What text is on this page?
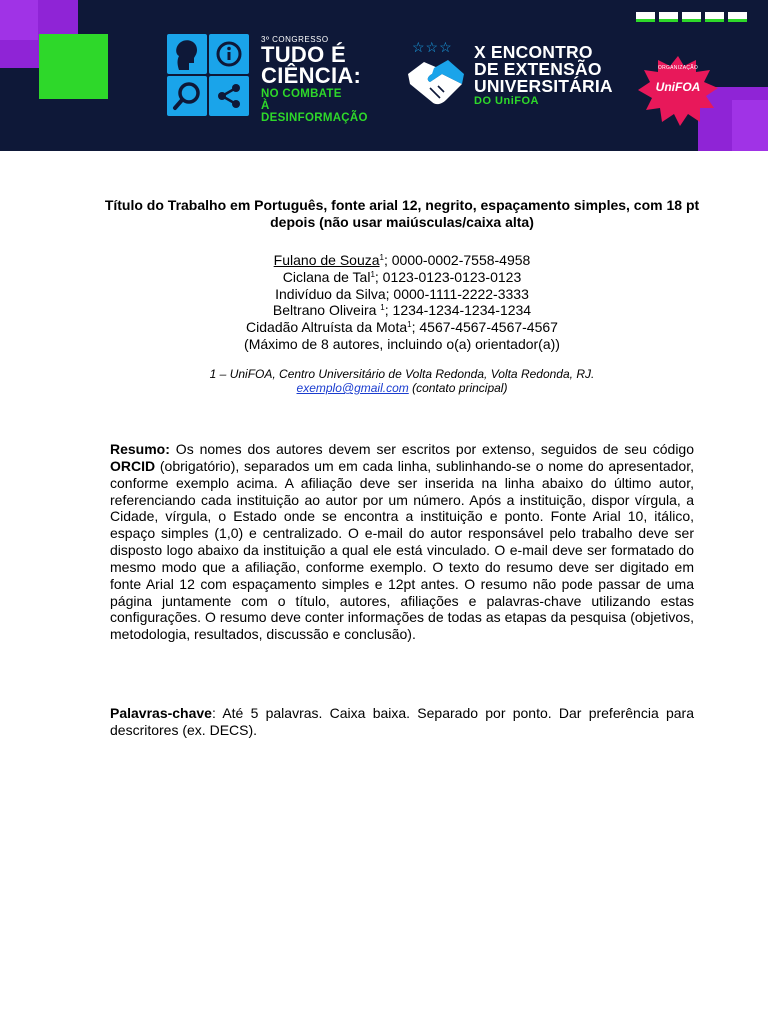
3º CONGRESSO
TUDO É
CIÊNCIA:
NO COMBATE
À DESINFORMAÇÃO
☆☆☆ X ENCONTRO
DE EXTENSÃO
UNIVERSITÁRIA
DO UniFOA
ORGANIZAÇÃO
UniFOA
Título do Trabalho em Português, fonte arial 12, negrito, espaçamento simples, com 18 pt depois (não usar maiúsculas/caixa alta)
Fulano de Souza$^1$; 0000-0002-7558-4958
Ciclana de Tal$^1$; 0123-0123-0123-0123
Indivíduo da Silva; 0000-1111-2222-3333
Beltrano Oliveira $^1$; 1234-1234-1234-1234
Cidadão Altruísta da Mota$^1$; 4567-4567-4567-4567
(Máximo de 8 autores, incluindo o(a) orientador(a))
1 – UniFOA, Centro Universitário de Volta Redonda, Volta Redonda, RJ.
exemplo@gmail.com (contato principal)
Resumo: Os nomes dos autores devem ser escritos por extenso, seguidos de seu código ORCID (obrigatório), separados um em cada linha, sublinhando-se o nome do apresentador, conforme exemplo acima. A afiliação deve ser inserida na linha abaixo do último autor, referenciando cada instituição ao autor por um número. Após a instituição, dispor vírgula, a Cidade, vírgula, o Estado onde se encontra a instituição e ponto. Fonte Arial 10, itálico, espaço simples (1,0) e centralizado. O e-mail do autor responsável pelo trabalho deve ser disposto logo abaixo da instituição a qual ele está vinculado. O e-mail deve ser formatado do mesmo modo que a afiliação, conforme exemplo. O texto do resumo deve ser digitado em fonte Arial 12 com espaçamento simples e 12pt antes. O resumo não pode passar de uma página juntamente com o título, autores, afiliações e palavras-chave utilizando estas configurações. O resumo deve conter informações de todas as etapas da pesquisa (objetivos, metodologia, resultados, discussão e conclusão).
Palavras-chave: Até 5 palavras. Caixa baixa. Separado por ponto. Dar preferência para descritores (ex. DECS).
